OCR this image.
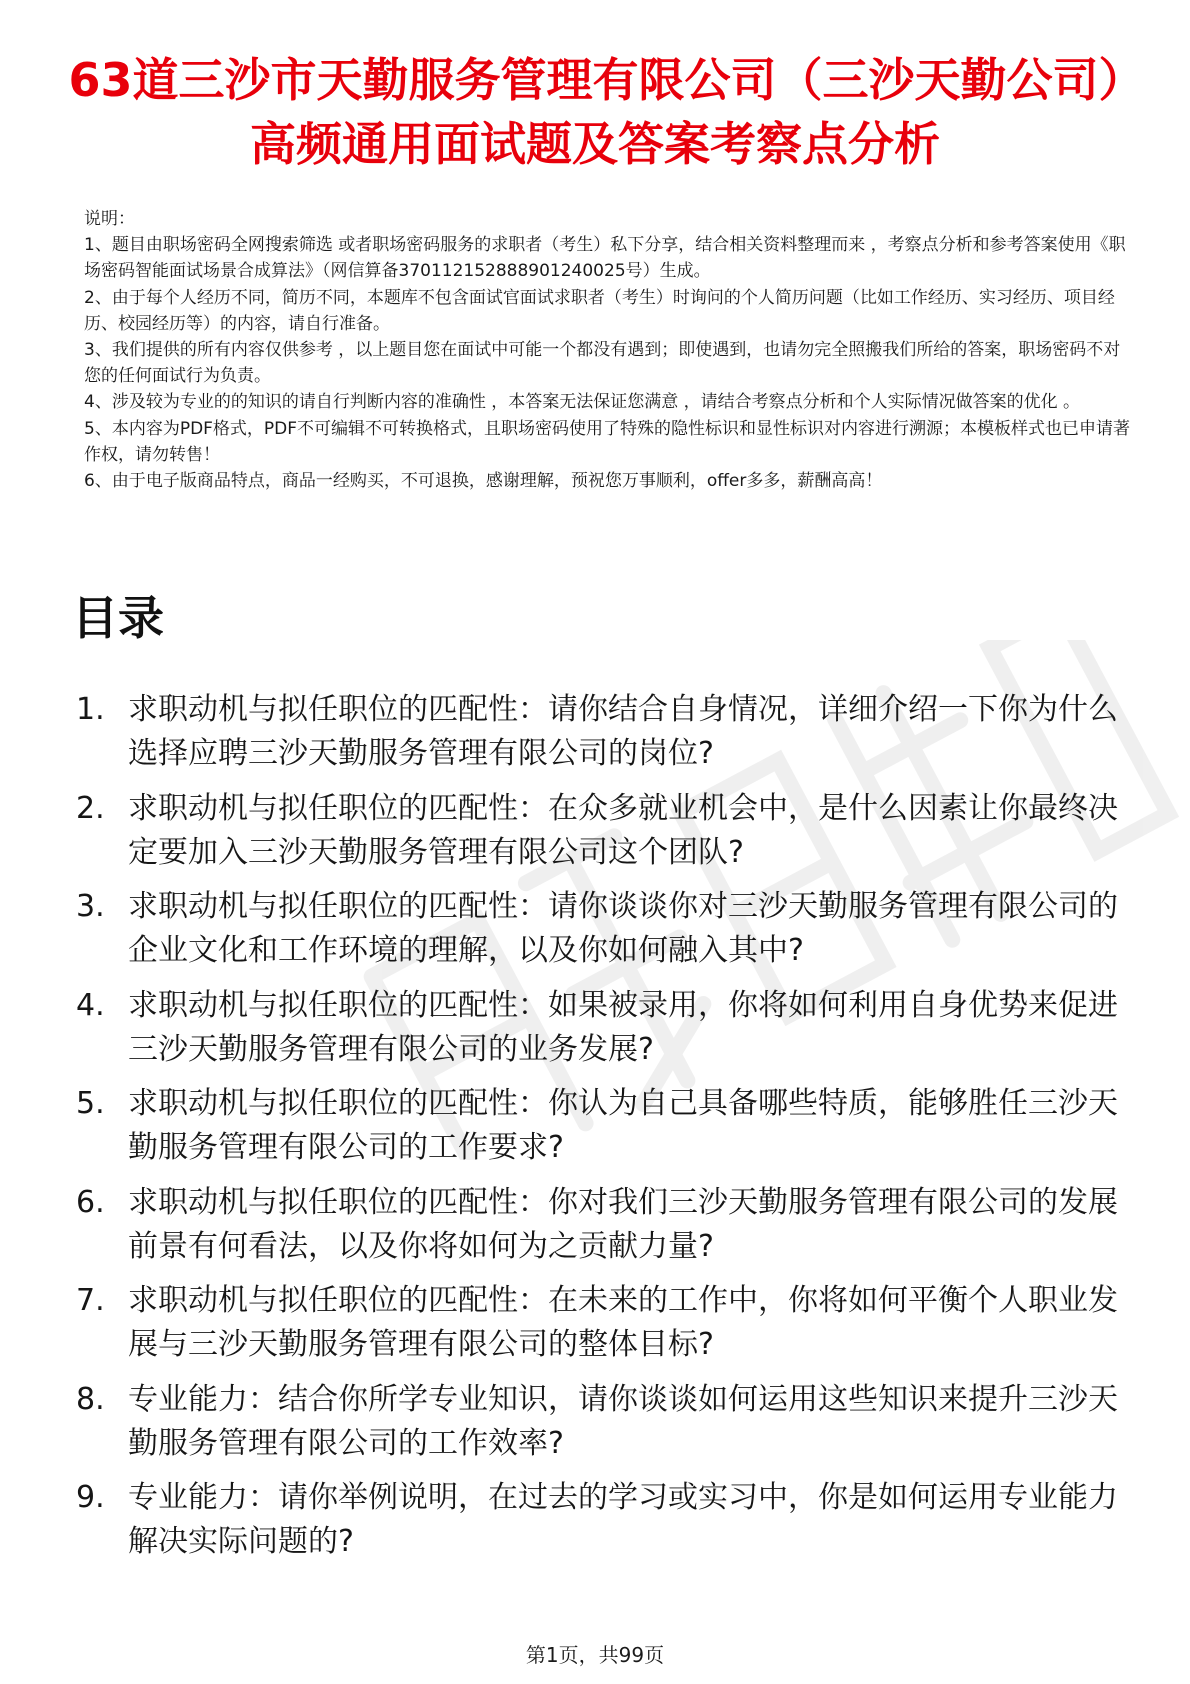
63道三沙市天勤服务管理有限公司（三沙天勤公司）高频通用面试题及答案考察点分析
说明：
1、题目由职场密码全网搜索筛选 或者职场密码服务的求职者（考生）私下分享，结合相关资料整理而来 ，考察点分析和参考答案使用《职场密码智能面试场景合成算法》（网信算备370112152888901240025号）生成。
2、由于每个人经历不同，简历不同，本题库不包含面试官面试求职者（考生）时询问的个人简历问题（比如工作经历、实习经历、项目经历、校园经历等）的内容，请自行准备。
3、我们提供的所有内容仅供参考 ，以上题目您在面试中可能一个都没有遇到；即使遇到，也请勿完全照搬我们所给的答案，职场密码不对您的任何面试行为负责。
4、涉及较为专业的的知识的请自行判断内容的准确性 ，本答案无法保证您满意 ，请结合考察点分析和个人实际情况做答案的优化 。
5、本内容为PDF格式，PDF不可编辑不可转换格式，且职场密码使用了特殊的隐性标识和显性标识对内容进行溯源；本模板样式也已申请著作权，请勿转售！
6、由于电子版商品特点，商品一经购买，不可退换，感谢理解，预祝您万事顺利，offer多多，薪酬高高！
目录
1. 求职动机与拟任职位的匹配性：请你结合自身情况，详细介绍一下你为什么选择应聘三沙天勤服务管理有限公司的岗位?
2. 求职动机与拟任职位的匹配性：在众多就业机会中，是什么因素让你最终决定要加入三沙天勤服务管理有限公司这个团队?
3. 求职动机与拟任职位的匹配性：请你谈谈你对三沙天勤服务管理有限公司的企业文化和工作环境的理解，以及你如何融入其中?
4. 求职动机与拟任职位的匹配性：如果被录用，你将如何利用自身优势来促进三沙天勤服务管理有限公司的业务发展?
5. 求职动机与拟任职位的匹配性：你认为自己具备哪些特质，能够胜任三沙天勤服务管理有限公司的工作要求?
6. 求职动机与拟任职位的匹配性：你对我们三沙天勤服务管理有限公司的发展前景有何看法，以及你将如何为之贡献力量?
7. 求职动机与拟任职位的匹配性：在未来的工作中，你将如何平衡个人职业发展与三沙天勤服务管理有限公司的整体目标?
8. 专业能力：结合你所学专业知识，请你谈谈如何运用这些知识来提升三沙天勤服务管理有限公司的工作效率?
9. 专业能力：请你举例说明，在过去的学习或实习中，你是如何运用专业能力解决实际问题的?
第1页，共99页
